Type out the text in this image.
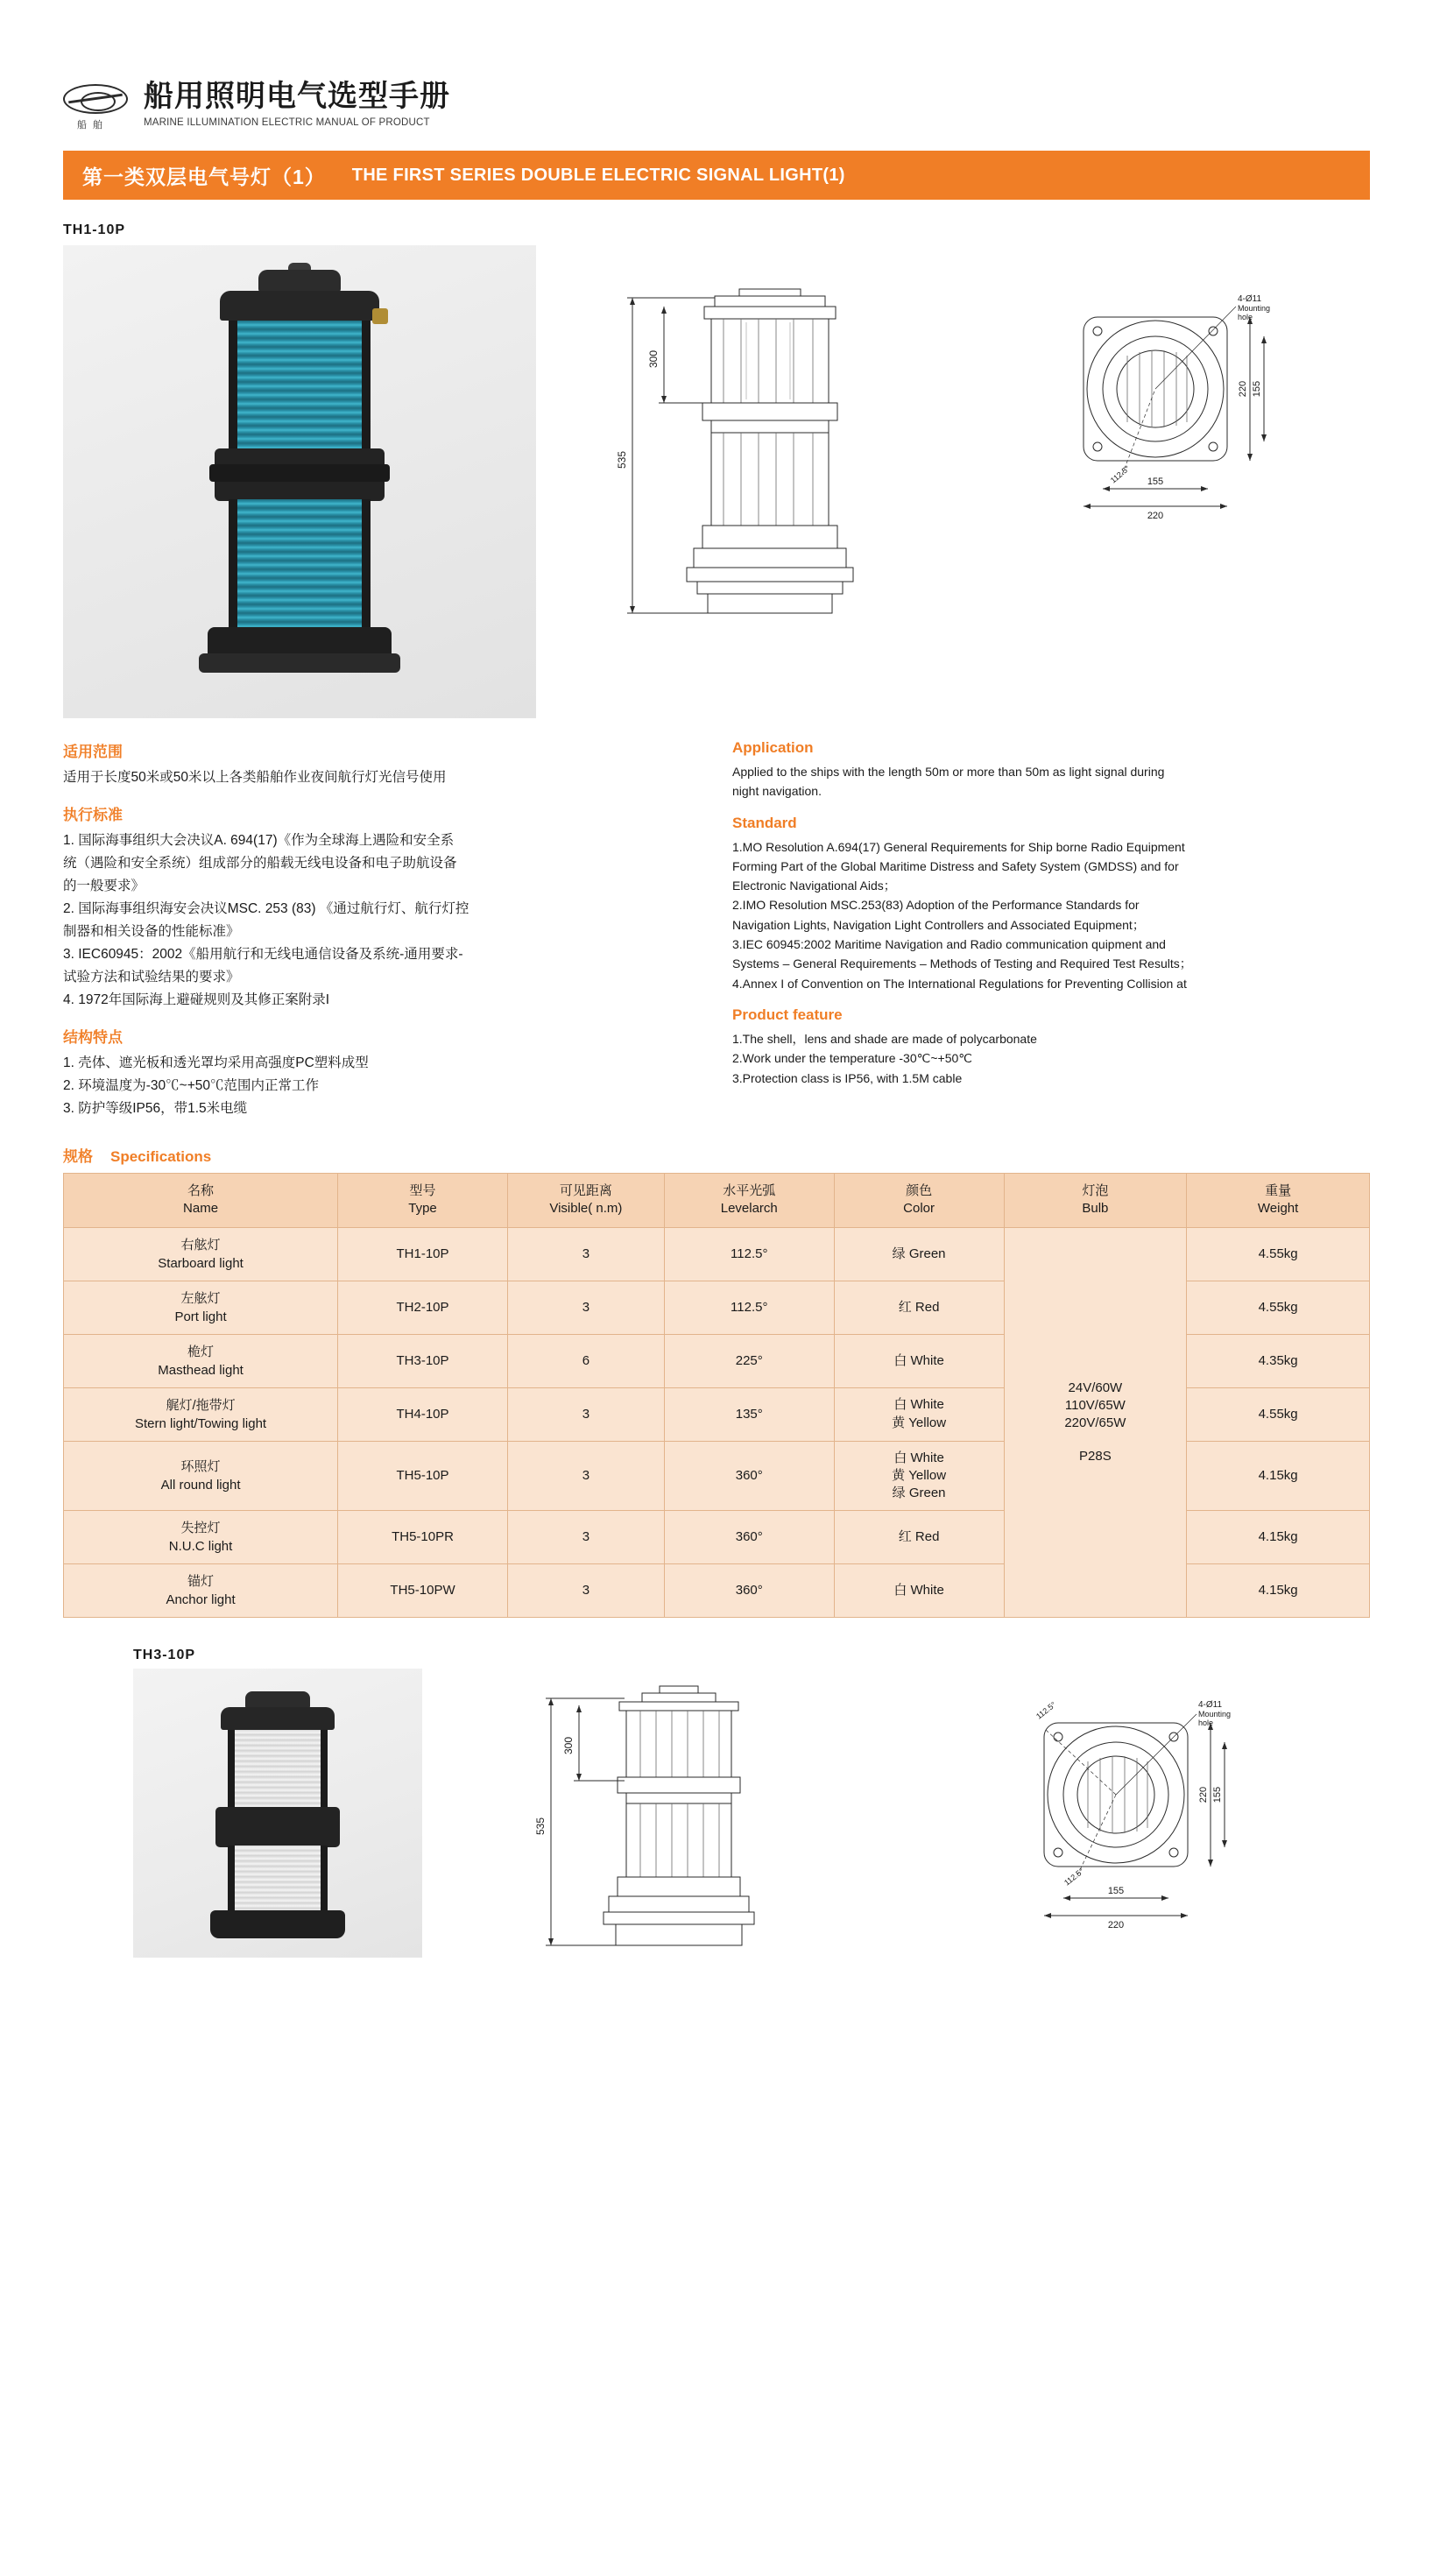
船 舶
船用照明电气选型手册
MARINE ILLUMINATION ELECTRIC MANUAL OF PRODUCT
第一类双层电气号灯（1） THE FIRST SERIES DOUBLE ELECTRIC SIGNAL LIGHT(1)
TH1-10P
535
300
4-Ø11
Mounting
hole
220 155
220
155
112.5°
适用范围

适用于长度50米或50米以上各类船舶作业夜间航行灯光信号使用

执行标准

1. 国际海事组织大会决议A. 694(17)《作为全球海上遇险和安全系

统（遇险和安全系统）组成部分的船载无线电设备和电子助航设备

的一般要求》

2. 国际海事组织海安会决议MSC. 253 (83) 《通过航行灯、航行灯控

制器和相关设备的性能标准》

3. IEC60945：2002《船用航行和无线电通信设备及系统-通用要求-

试验方法和试验结果的要求》

4. 1972年国际海上避碰规则及其修正案附录I

结构特点

1. 壳体、遮光板和透光罩均采用高强度PC塑料成型

2. 环境温度为-30℃~+50℃范围内正常工作

3. 防护等级IP56，带1.5米电缆

Application

Applied to the ships with the length 50m or more than 50m as light signal during

night navigation.

Standard

1.MO Resolution A.694(17) General Requirements for Ship borne Radio Equipment

Forming Part of the Global Maritime Distress and Safety System (GMDSS) and for

Electronic Navigational Aids；

2.IMO Resolution MSC.253(83) Adoption of the Performance Standards for

Navigation Lights, Navigation Light Controllers and Associated Equipment；

3.IEC 60945:2002 Maritime Navigation and Radio communication quipment and

Systems – General Requirements – Methods of Testing and Required Test Results；

4.Annex I of Convention on The International Regulations for Preventing Collision at

Product feature

1.The shell，lens and shade are made of polycarbonate

2.Work under the temperature -30℃~+50℃

3.Protection class is IP56, with 1.5M cable

规格 Specifications
名称
Name	型号
Type	可见距离
Visible( n.m)	水平光弧
Levelarch	颜色
Color	灯泡
Bulb	重量
Weight

右舷灯
Starboard light	TH1-10P	3	112.5°	绿 Green	24V/60W
110V/65W
220V/65W

P28S	4.55kg

左舷灯
Port light	TH2-10P	3	112.5°	红 Red		4.55kg

桅灯
Masthead light	TH3-10P	6	225°	白 White		4.35kg

艉灯/拖带灯
Stern light/Towing light	TH4-10P	3	135°	白 White
黄 Yellow		4.55kg

环照灯
All round light	TH5-10P	3	360°	白 White
黄 Yellow
绿 Green		4.15kg

失控灯
N.U.C light	TH5-10PR	3	360°	红 Red		4.15kg

锚灯
Anchor light	TH5-10PW	3	360°	白 White		4.15kg
TH3-10P
535
300
4-Ø11
Mounting
hole
220 155
220
155
112.5°
112.5°
